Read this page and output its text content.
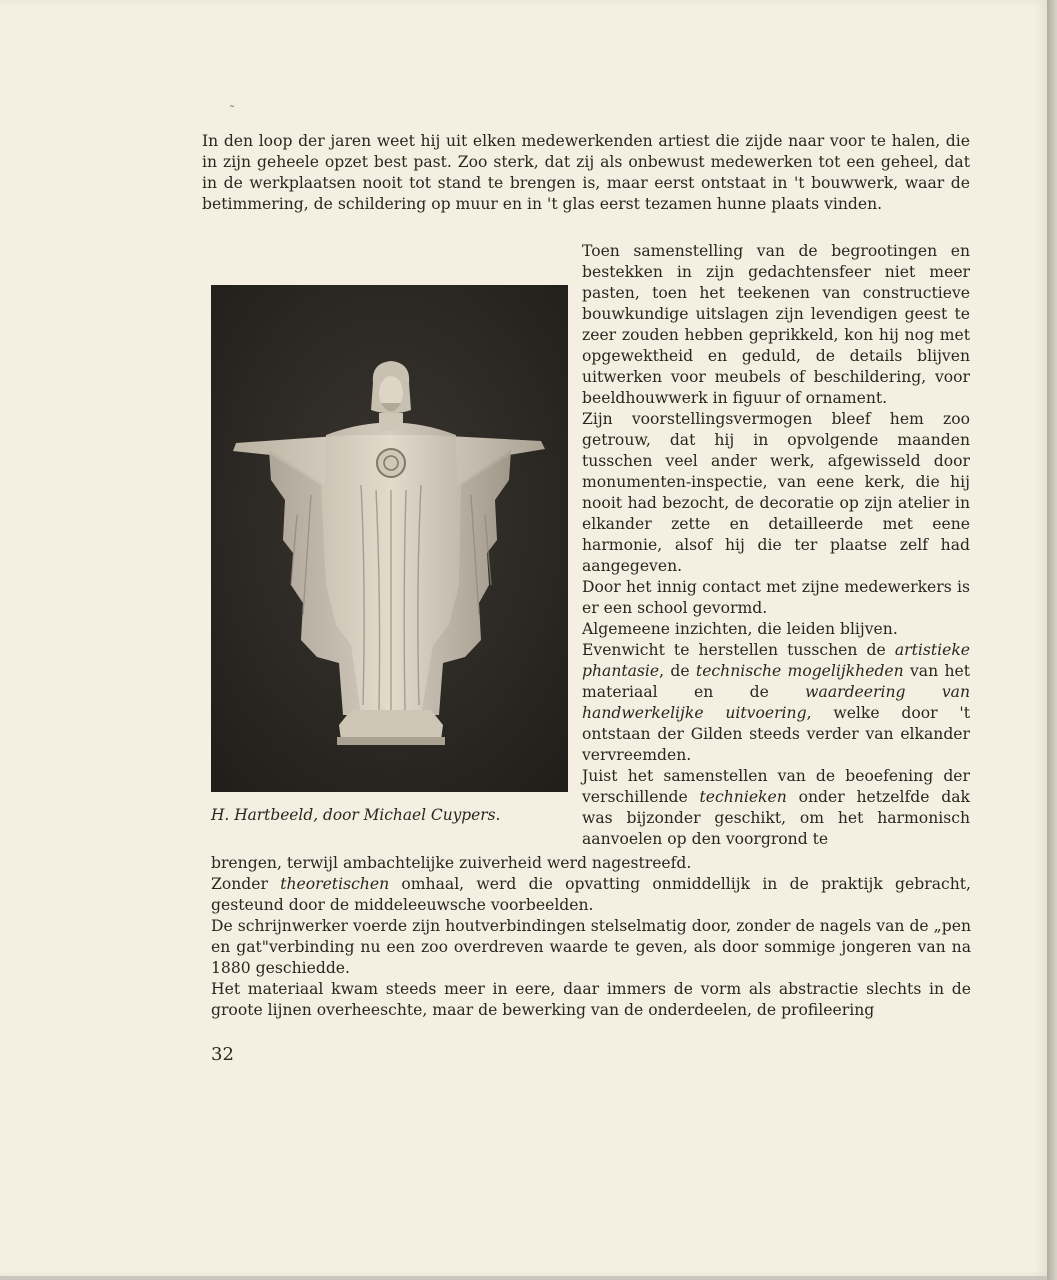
˜

In den loop der jaren weet hij uit elken medewerkenden artiest die zijde naar voor te halen, die in zijn geheele opzet best past. Zoo sterk, dat zij als onbewust medewerken tot een geheel, dat in de werkplaatsen nooit tot stand te brengen is, maar eerst ontstaat in 't bouwwerk, waar de betimmering, de schildering op muur en in 't glas eerst tezamen hunne plaats vinden.

Toen samenstelling van de begrootingen en bestekken in zijn gedachtensfeer niet meer pasten, toen het teekenen van constructieve bouwkundige uitslagen zijn levendigen geest te zeer zouden hebben geprikkeld, kon hij nog met opgewektheid en geduld, de details blijven uitwerken voor meubels of beschildering, voor beeldhouwwerk in figuur of ornament.

Zijn voorstellingsvermogen bleef hem zoo getrouw, dat hij in opvolgende maanden tusschen veel ander werk, afgewisseld door monumenten-inspectie, van eene kerk, die hij nooit had bezocht, de decoratie op zijn atelier in elkander zette en detailleerde met eene harmonie, alsof hij die ter plaatse zelf had aangegeven.

Door het innig contact met zijne medewerkers is er een school gevormd.

Algemeene inzichten, die leiden blijven.

Evenwicht te herstellen tusschen de artistieke phantasie, de technische mogelijkheden van het materiaal en de waardeering van handwerkelijke uitvoering, welke door 't ontstaan der Gilden steeds verder van elkander vervreemden.

Juist het samenstellen van de beoefening der verschillende technieken onder hetzelfde dak was bijzonder geschikt, om het harmonisch aanvoelen op den voorgrond te

H. Hartbeeld, door Michael Cuypers.

brengen, terwijl ambachtelijke zuiverheid werd nagestreefd.

Zonder theoretischen omhaal, werd die opvatting onmiddellijk in de praktijk gebracht, gesteund door de middeleeuwsche voorbeelden.

De schrijnwerker voerde zijn houtverbindingen stelselmatig door, zonder de nagels van de „pen en gat"verbinding nu een zoo overdreven waarde te geven, als door sommige jongeren van na 1880 geschiedde.

Het materiaal kwam steeds meer in eere, daar immers de vorm als abstractie slechts in de groote lijnen overheeschte, maar de bewerking van de onderdeelen, de profileering

32
